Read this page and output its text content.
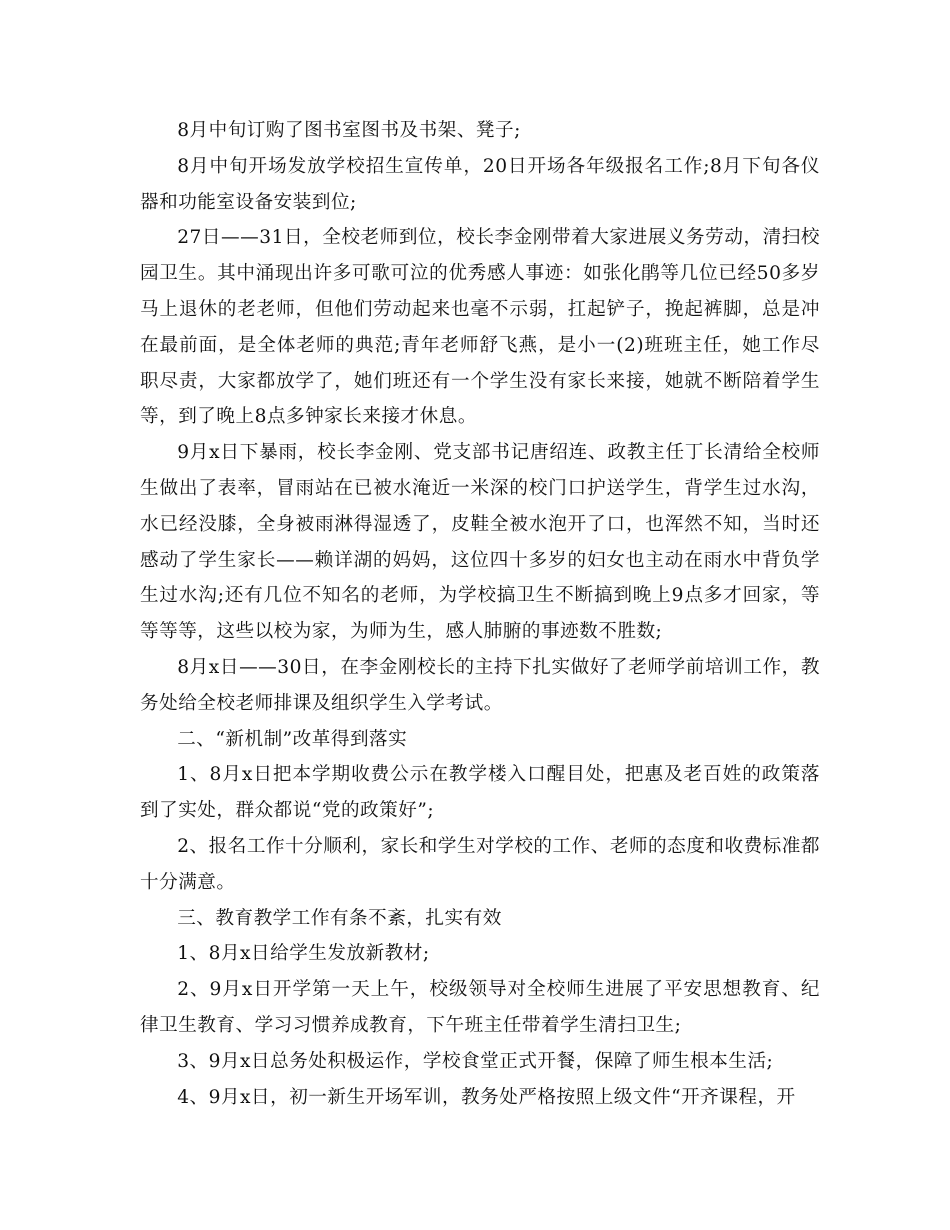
8月中旬订购了图书室图书及书架、凳子;

8月中旬开场发放学校招生宣传单，20日开场各年级报名工作;8月下旬各仪器和功能室设备安装到位;

27日——31日，全校老师到位，校长李金刚带着大家进展义务劳动，清扫校园卫生。其中涌现出许多可歌可泣的优秀感人事迹：如张化鹃等几位已经50多岁马上退休的老老师，但他们劳动起来也毫不示弱，扛起铲子，挽起裤脚，总是冲在最前面，是全体老师的典范;青年老师舒飞燕，是小一(2)班班主任，她工作尽职尽责，大家都放学了，她们班还有一个学生没有家长来接，她就不断陪着学生等，到了晚上8点多钟家长来接才休息。

9月x日下暴雨，校长李金刚、党支部书记唐绍连、政教主任丁长清给全校师生做出了表率，冒雨站在已被水淹近一米深的校门口护送学生，背学生过水沟，水已经没膝，全身被雨淋得湿透了，皮鞋全被水泡开了口，也浑然不知，当时还感动了学生家长——赖详湖的妈妈，这位四十多岁的妇女也主动在雨水中背负学生过水沟;还有几位不知名的老师，为学校搞卫生不断搞到晚上9点多才回家，等等等等，这些以校为家，为师为生，感人肺腑的事迹数不胜数;

8月x日——30日，在李金刚校长的主持下扎实做好了老师学前培训工作，教务处给全校老师排课及组织学生入学考试。

二、“新机制”改革得到落实

1、8月x日把本学期收费公示在教学楼入口醒目处，把惠及老百姓的政策落到了实处，群众都说“党的政策好”;

2、报名工作十分顺利，家长和学生对学校的工作、老师的态度和收费标准都十分满意。

三、教育教学工作有条不紊，扎实有效

1、8月x日给学生发放新教材;

2、9月x日开学第一天上午，校级领导对全校师生进展了平安思想教育、纪律卫生教育、学习习惯养成教育，下午班主任带着学生清扫卫生;

3、9月x日总务处积极运作，学校食堂正式开餐，保障了师生根本生活;

4、9月x日，初一新生开场军训，教务处严格按照上级文件“开齐课程，开
